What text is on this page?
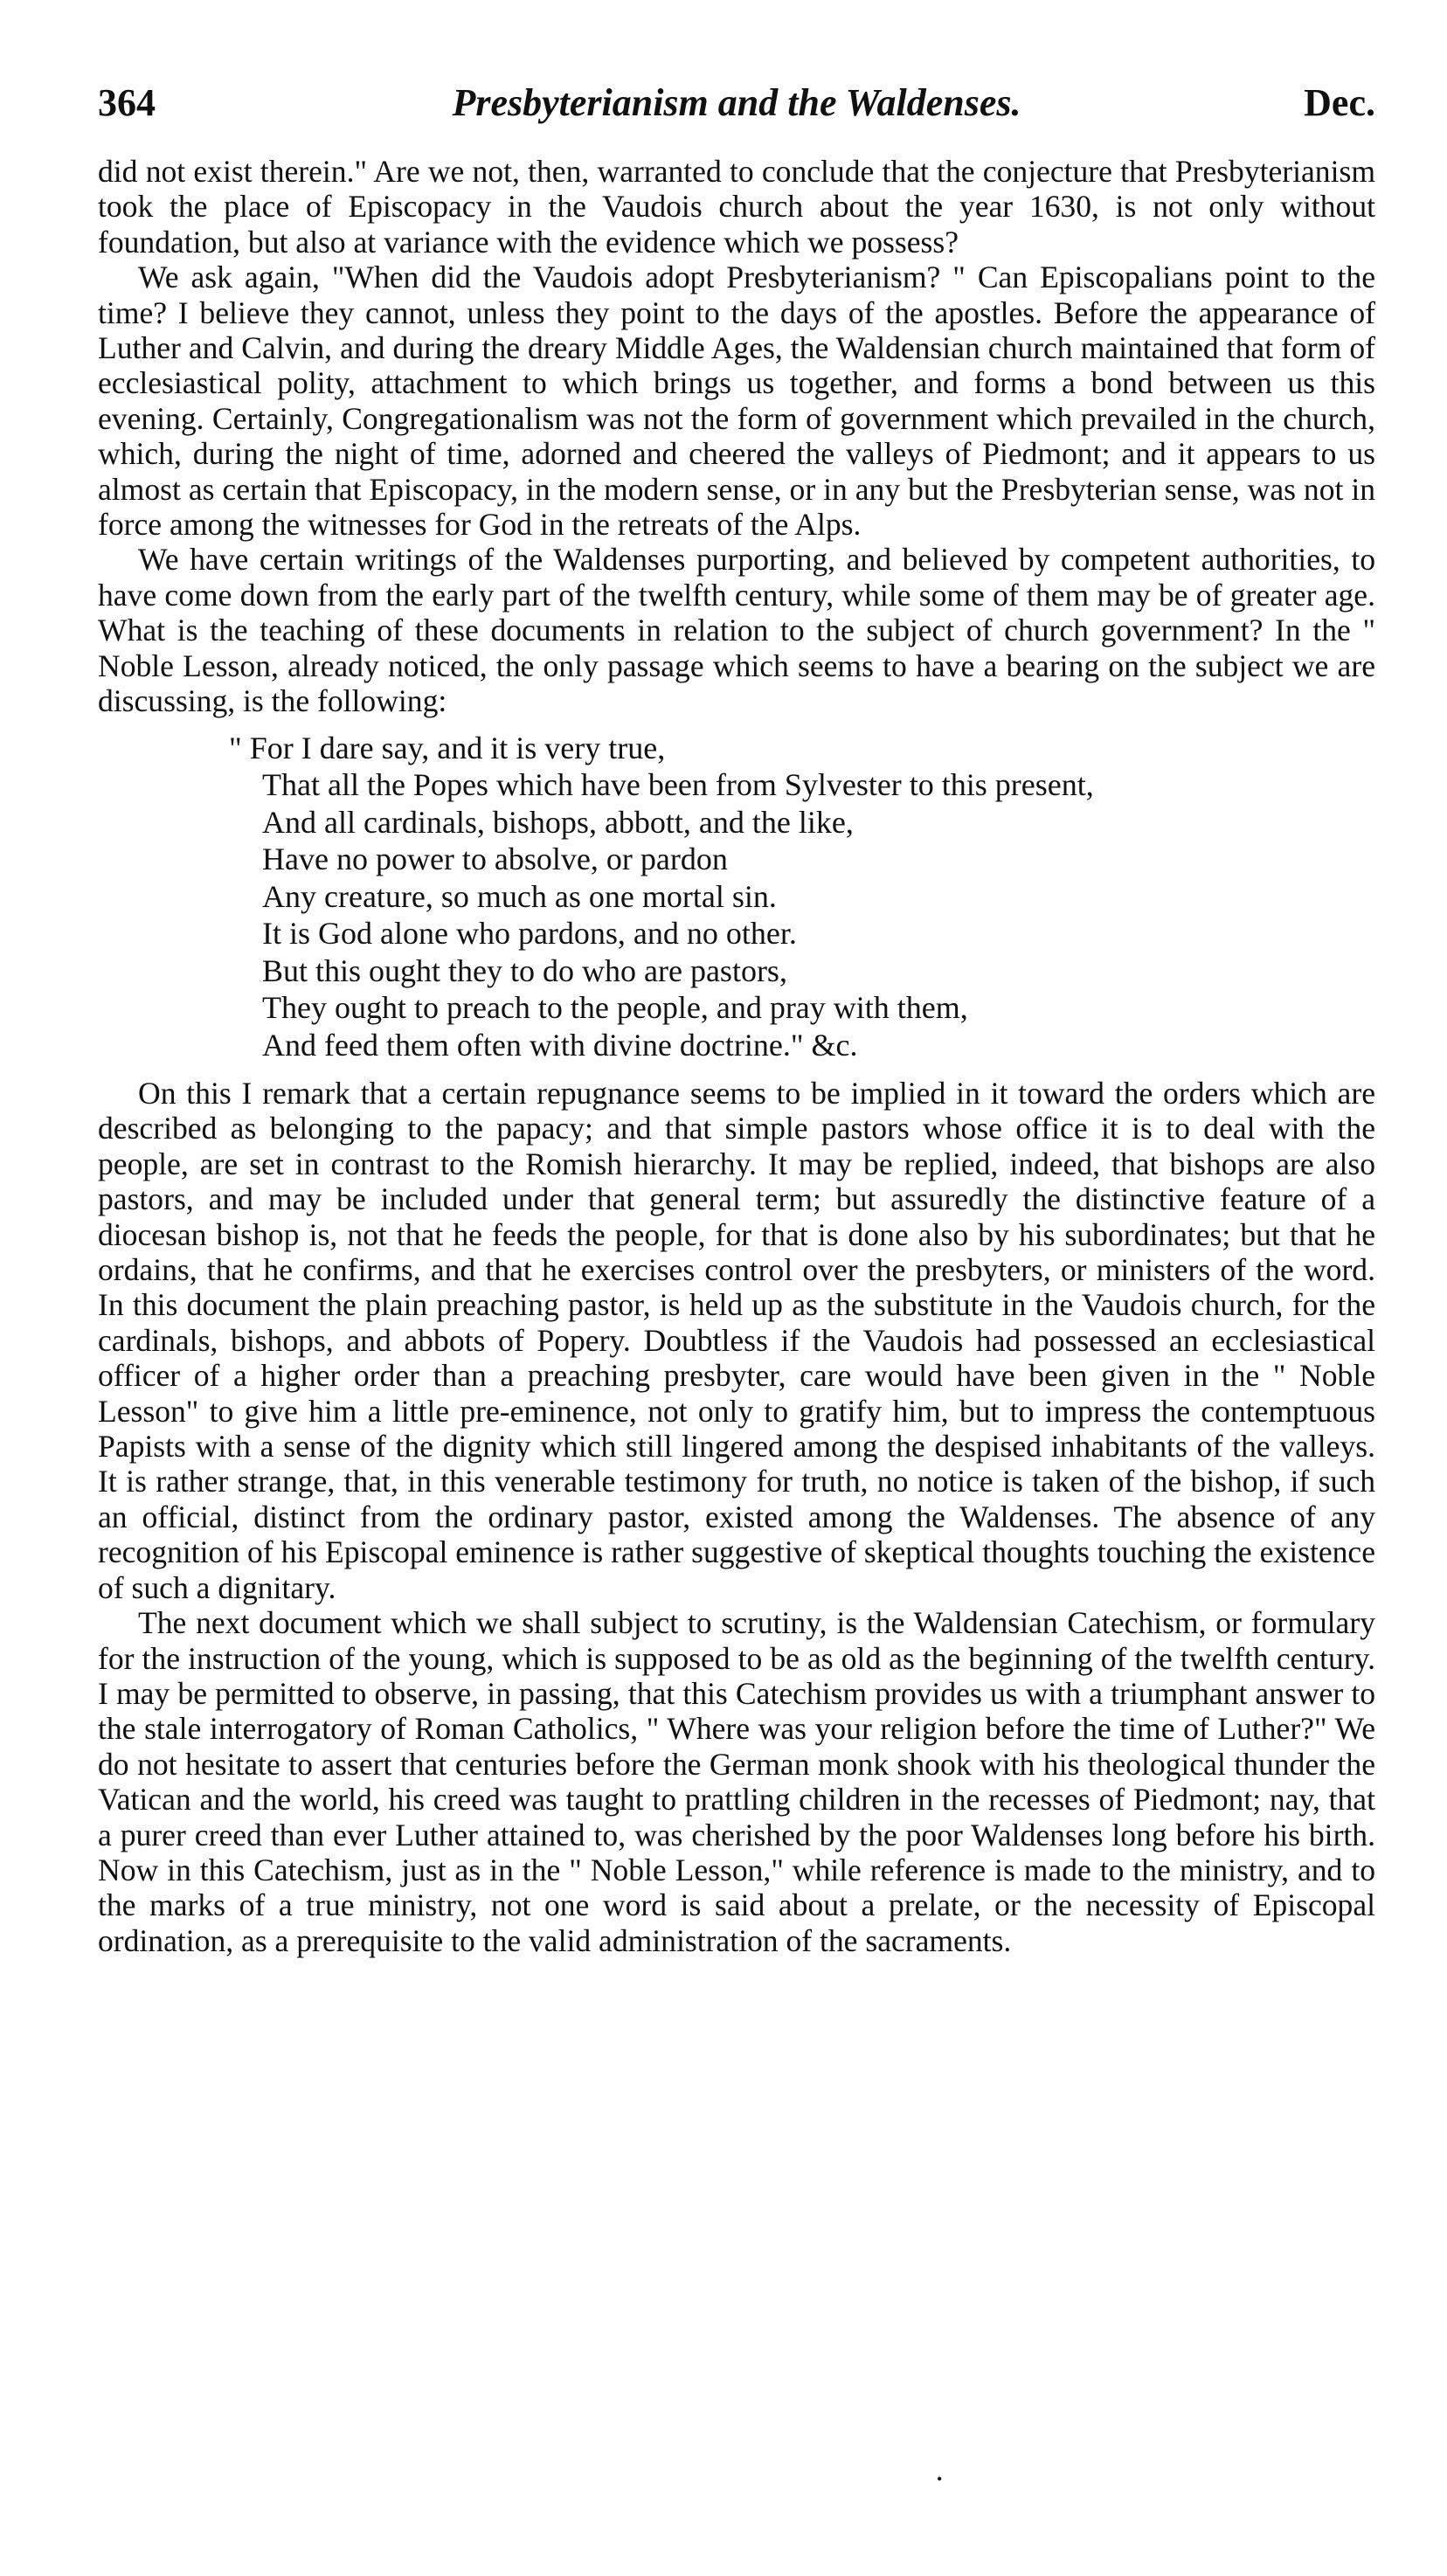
364	Presbyterianism and the Waldenses.	Dec.

did not exist therein." Are we not, then, warranted to conclude that the conjecture that Presbyterianism took the place of Episcopacy in the Vaudois church about the year 1630, is not only without foundation, but also at variance with the evidence which we possess?

We ask again, "When did the Vaudois adopt Presbyterianism? " Can Episcopalians point to the time? I believe they cannot, unless they point to the days of the apostles. Before the appearance of Luther and Calvin, and during the dreary Middle Ages, the Waldensian church maintained that form of ecclesiastical polity, attachment to which brings us together, and forms a bond between us this evening. Certainly, Congregationalism was not the form of government which prevailed in the church, which, during the night of time, adorned and cheered the valleys of Piedmont; and it appears to us almost as certain that Episcopacy, in the modern sense, or in any but the Presbyterian sense, was not in force among the witnesses for God in the retreats of the Alps.

We have certain writings of the Waldenses purporting, and believed by competent authorities, to have come down from the early part of the twelfth century, while some of them may be of greater age. What is the teaching of these documents in relation to the subject of church government? In the " Noble Lesson, already noticed, the only passage which seems to have a bearing on the subject we are discussing, is the following:

" For I dare say, and it is very true,
That all the Popes which have been from Sylvester to this present,
And all cardinals, bishops, abbott, and the like,
Have no power to absolve, or pardon
Any creature, so much as one mortal sin.
It is God alone who pardons, and no other.
But this ought they to do who are pastors,
They ought to preach to the people, and pray with them,
And feed them often with divine doctrine." &c.

On this I remark that a certain repugnance seems to be implied in it toward the orders which are described as belonging to the papacy; and that simple pastors whose office it is to deal with the people, are set in contrast to the Romish hierarchy. It may be replied, indeed, that bishops are also pastors, and may be included under that general term; but assuredly the distinctive feature of a diocesan bishop is, not that he feeds the people, for that is done also by his subordinates; but that he ordains, that he confirms, and that he exercises control over the presbyters, or ministers of the word. In this document the plain preaching pastor, is held up as the substitute in the Vaudois church, for the cardinals, bishops, and abbots of Popery. Doubtless if the Vaudois had possessed an ecclesiastical officer of a higher order than a preaching presbyter, care would have been given in the " Noble Lesson" to give him a little pre-eminence, not only to gratify him, but to impress the contemptuous Papists with a sense of the dignity which still lingered among the despised inhabitants of the valleys. It is rather strange, that, in this venerable testimony for truth, no notice is taken of the bishop, if such an official, distinct from the ordinary pastor, existed among the Waldenses. The absence of any recognition of his Episcopal eminence is rather suggestive of skeptical thoughts touching the existence of such a dignitary.

The next document which we shall subject to scrutiny, is the Waldensian Catechism, or formulary for the instruction of the young, which is supposed to be as old as the beginning of the twelfth century. I may be permitted to observe, in passing, that this Catechism provides us with a triumphant answer to the stale interrogatory of Roman Catholics, " Where was your religion before the time of Luther?" We do not hesitate to assert that centuries before the German monk shook with his theological thunder the Vatican and the world, his creed was taught to prattling children in the recesses of Piedmont; nay, that a purer creed than ever Luther attained to, was cherished by the poor Waldenses long before his birth. Now in this Catechism, just as in the " Noble Lesson," while reference is made to the ministry, and to the marks of a true ministry, not one word is said about a prelate, or the necessity of Episcopal ordination, as a prerequisite to the valid administration of the sacraments.

•
